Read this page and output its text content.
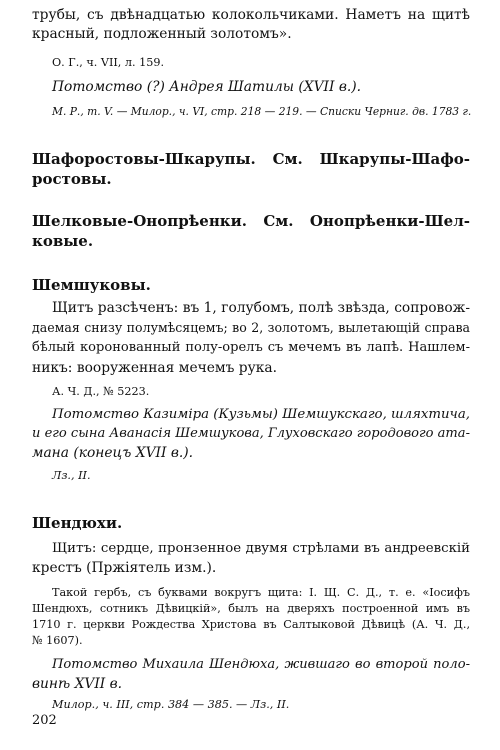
трубы, съ двѣнадцатью колокольчиками. Наметъ на щитѣ
красный, подложенный золотомъ».
О. Г., ч. VII, л. 159.
Потомство (?) Андрея Шатилы (XVII в.).
М. Р., т. V. — Милор., ч. VI, стр. 218 — 219. — Списки Черниг. дв. 1783 г.
Шафоростовы-Шкарупы. См. Шкарупы-Шафо-
ростовы.
Шелковые-Онопрѣенки. См. Онопрѣенки-Шел-
ковые.
Шемшуковы.
Щитъ разсѣченъ: въ 1, голубомъ, полѣ звѣзда, сопровож-
даемая снизу полумѣсяцемъ; во 2, золотомъ, вылетающій справа
бѣлый коронованный полу-орелъ съ мечемъ въ лапѣ. Нашлем-
никъ: вооруженная мечемъ рука.
А. Ч. Д., № 5223.
Потомство Казиміра (Кузьмы) Шемшукскаго, шляхтича,
и его сына Аванасія Шемшукова, Глуховскаго городового ата-
мана (конецъ XVII в.).
Лз., II.
Шендюхи.
Щитъ: сердце, пронзенное двумя стрѣлами въ андреевскій
крестъ (Пржіятель изм.).
Такой гербъ, съ буквами вокругъ щита: I. Щ. С. Д., т. е. «Іосифъ
Шендюхъ, сотникъ Дѣвицкій», былъ на дверяхъ построенной имъ въ
1710 г. церкви Рождества Христова въ Салтыковой Дѣвицѣ (А. Ч. Д.,
№ 1607).
Потомство Михаила Шендюха, жившаго во второй поло-
винѣ XVII в.
Милор., ч. III, стр. 384 — 385. — Лз., II.
202
